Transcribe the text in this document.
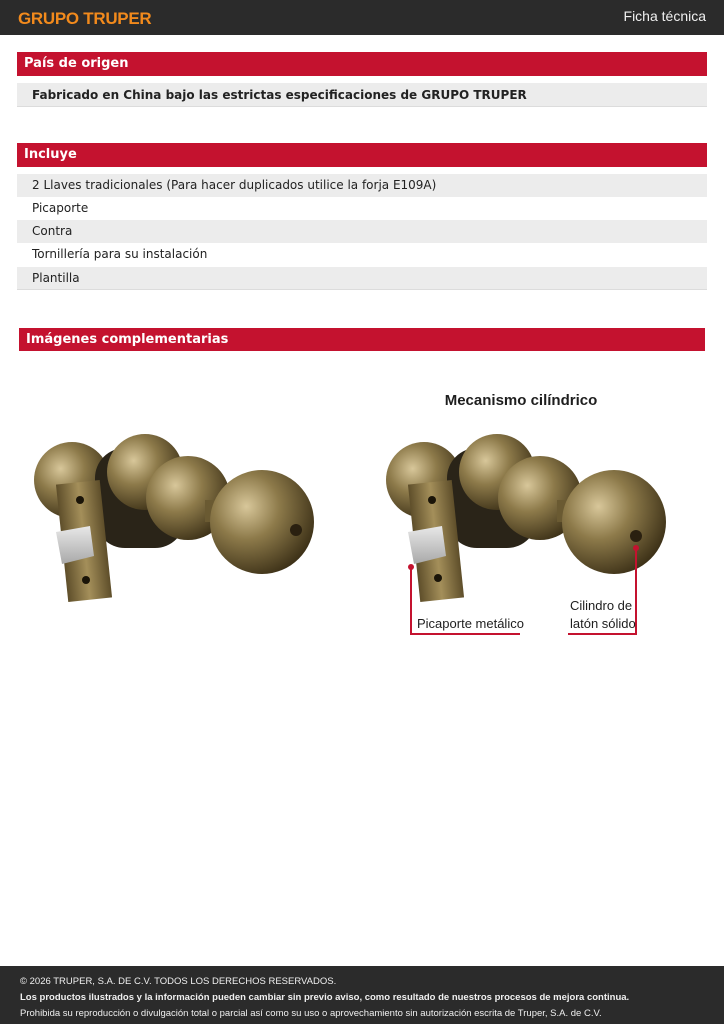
GRUPO TRUPER	Ficha técnica
País de origen
Fabricado en China bajo las estrictas especificaciones de GRUPO TRUPER
Incluye
2 Llaves tradicionales (Para hacer duplicados utilice la forja E109A)
Picaporte
Contra
Tornillería para su instalación
Plantilla
Imágenes complementarias
Mecanismo cilíndrico
Picaporte metálico
Cilindro de
latón sólido
© 2026 TRUPER, S.A. DE C.V. TODOS LOS DERECHOS RESERVADOS.
Los productos ilustrados y la información pueden cambiar sin previo aviso, como resultado de nuestros procesos de mejora continua.
Prohibida su reproducción o divulgación total o parcial así como su uso o aprovechamiento sin autorización escrita de Truper, S.A. de C.V.
